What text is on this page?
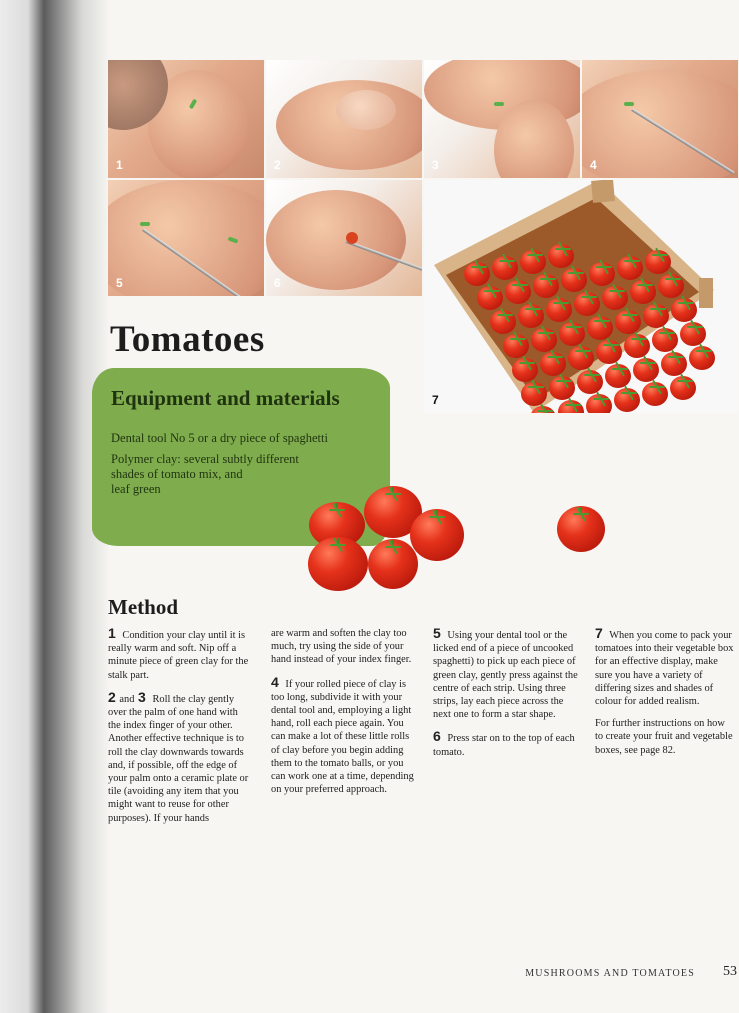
1	2	3	4
5	6
7
Tomatoes
Equipment and materials
Dental tool No 5 or a dry piece of spaghetti
Polymer clay: several subtly different
shades of tomato mix, and
leaf green
Method

1 Condition your clay until it is really warm and soft. Nip off a minute piece of green clay for the stalk part.

2 and 3 Roll the clay gently over the palm of one hand with the index finger of your other. Another effective technique is to roll the clay downwards towards and, if possible, off the edge of your palm onto a ceramic plate or tile (avoiding any item that you might want to reuse for other purposes). If your hands

are warm and soften the clay too much, try using the side of your hand instead of your index finger.

4 If your rolled piece of clay is too long, subdivide it with your dental tool and, employing a light hand, roll each piece again. You can make a lot of these little rolls of clay before you begin adding them to the tomato balls, or you can work one at a time, depending on your preferred approach.

5 Using your dental tool or the licked end of a piece of uncooked spaghetti) to pick up each piece of green clay, gently press against the centre of each strip. Using three strips, lay each piece across the next one to form a star shape.

6 Press star on to the top of each tomato.

7 When you come to pack your tomatoes into their vegetable box for an effective display, make sure you have a variety of differing sizes and shades of colour for added realism.

For further instructions on how to create your fruit and vegetable boxes, see page 82.

MUSHROOMS AND TOMATOES 53
